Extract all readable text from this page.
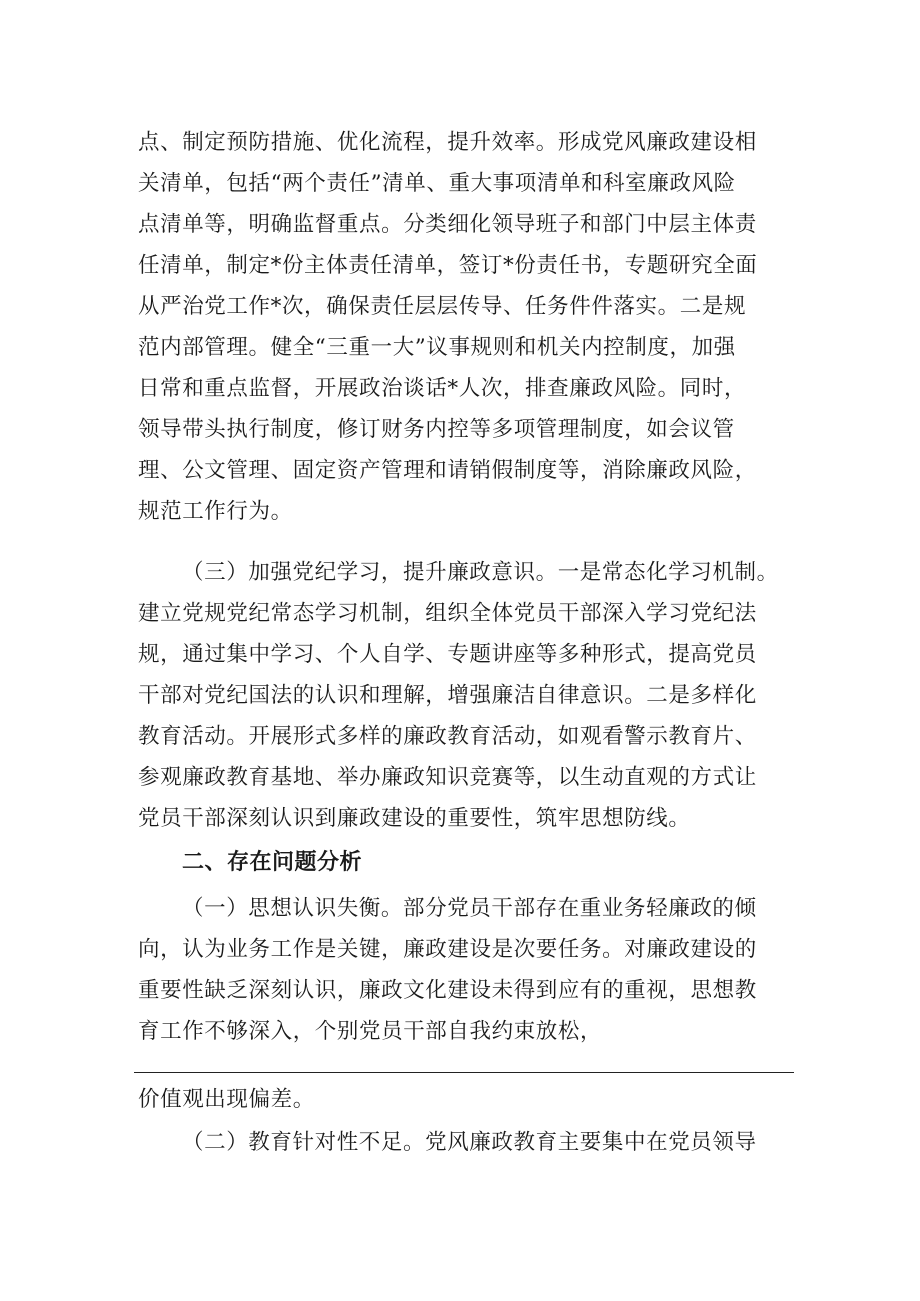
点、制定预防措施、优化流程，提升效率。形成党风廉政建设相
关清单，包括“两个责任”清单、重大事项清单和科室廉政风险
点清单等，明确监督重点。分类细化领导班子和部门中层主体责
任清单，制定*份主体责任清单，签订*份责任书，专题研究全面
从严治党工作*次，确保责任层层传导、任务件件落实。二是规
范内部管理。健全“三重一大”议事规则和机关内控制度，加强
日常和重点监督，开展政治谈话*人次，排查廉政风险。同时，
领导带头执行制度，修订财务内控等多项管理制度，如会议管
理、公文管理、固定资产管理和请销假制度等，消除廉政风险，
规范工作行为。
（三）加强党纪学习，提升廉政意识。一是常态化学习机制。
建立党规党纪常态学习机制，组织全体党员干部深入学习党纪法
规，通过集中学习、个人自学、专题讲座等多种形式，提高党员
干部对党纪国法的认识和理解，增强廉洁自律意识。二是多样化
教育活动。开展形式多样的廉政教育活动，如观看警示教育片、
参观廉政教育基地、举办廉政知识竞赛等，以生动直观的方式让
党员干部深刻认识到廉政建设的重要性，筑牢思想防线。
二、存在问题分析
（一）思想认识失衡。部分党员干部存在重业务轻廉政的倾
向，认为业务工作是关键，廉政建设是次要任务。对廉政建设的
重要性缺乏深刻认识，廉政文化建设未得到应有的重视，思想教
育工作不够深入，个别党员干部自我约束放松，
价值观出现偏差。
（二）教育针对性不足。党风廉政教育主要集中在党员领导
